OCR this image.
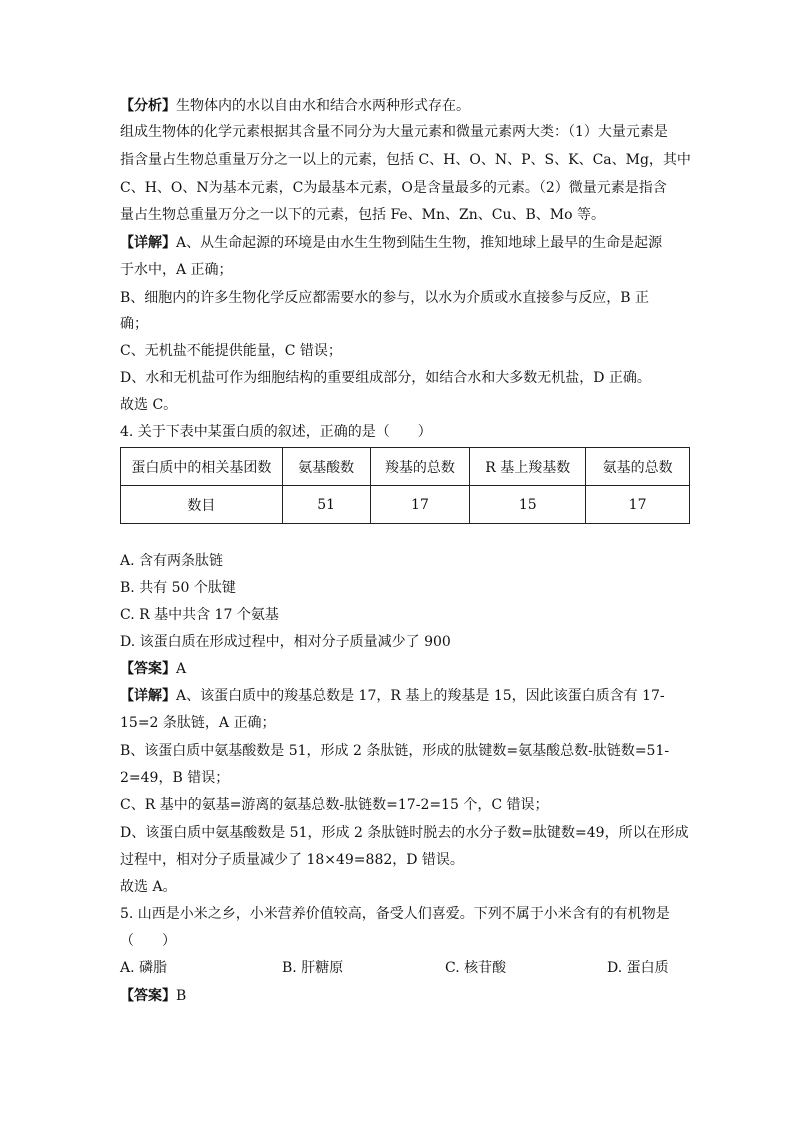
【分析】生物体内的水以自由水和结合水两种形式存在。
组成生物体的化学元素根据其含量不同分为大量元素和微量元素两大类：（1）大量元素是
指含量占生物总重量万分之一以上的元素，包括 C、H、O、N、P、S、K、Ca、Mg，其中
C、H、O、N为基本元素，C为最基本元素，O是含量最多的元素。（2）微量元素是指含
量占生物总重量万分之一以下的元素，包括 Fe、Mn、Zn、Cu、B、Mo 等。
【详解】A、从生命起源的环境是由水生生物到陆生生物，推知地球上最早的生命是起源
于水中，A 正确；
B、细胞内的许多生物化学反应都需要水的参与，以水为介质或水直接参与反应，B 正
确；
C、无机盐不能提供能量，C 错误；
D、水和无机盐可作为细胞结构的重要组成部分，如结合水和大多数无机盐，D 正确。
故选 C。
4. 关于下表中某蛋白质的叙述，正确的是（　　）
蛋白质中的相关基团数	氨基酸数	羧基的总数	R 基上羧基数	氨基的总数
数目	51	17	15	17
A. 含有两条肽链
B. 共有 50 个肽键
C. R 基中共含 17 个氨基
D. 该蛋白质在形成过程中，相对分子质量减少了 900
【答案】A
【详解】A、该蛋白质中的羧基总数是 17，R 基上的羧基是 15，因此该蛋白质含有 17-
15=2 条肽链，A 正确；
B、该蛋白质中氨基酸数是 51，形成 2 条肽链，形成的肽键数=氨基酸总数-肽链数=51-
2=49，B 错误；
C、R 基中的氨基=游离的氨基总数-肽链数=17-2=15 个，C 错误；
D、该蛋白质中氨基酸数是 51，形成 2 条肽链时脱去的水分子数=肽键数=49，所以在形成
过程中，相对分子质量减少了 18×49=882，D 错误。
故选 A。
5. 山西是小米之乡，小米营养价值较高，备受人们喜爱。下列不属于小米含有的有机物是
（　　）
A. 磷脂	B. 肝糖原	C. 核苷酸	D. 蛋白质
【答案】B
